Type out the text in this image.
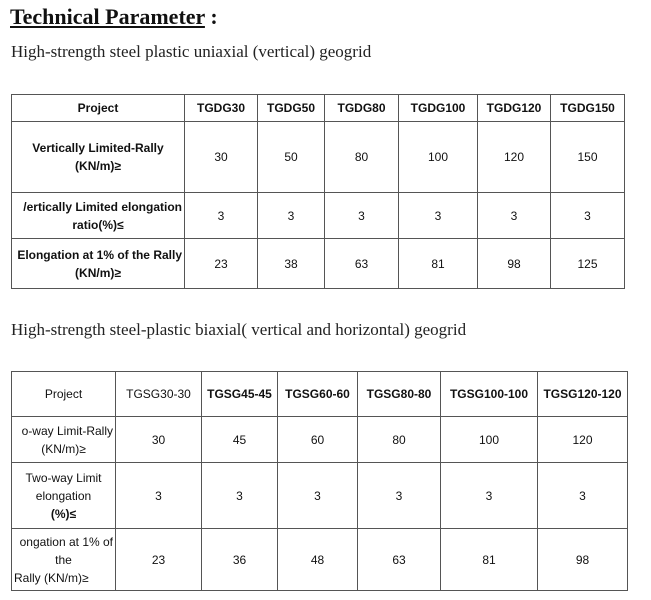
Technical Parameter :
High-strength steel plastic uniaxial (vertical) geogrid
Project	TGDG30	TGDG50	TGDG80	TGDG100	TGDG120	TGDG150

Vertically Limited-Rally
(KN/m)≥	30	50	80	100	120	150

/ertically Limited elongation
ratio(%)≤	3	3	3	3	3	3

Elongation at 1% of the Rally
(KN/m)≥	23	38	63	81	98	125
High-strength steel-plastic biaxial( vertical and horizontal) geogrid
Project	TGSG30-30	TGSG45-45	TGSG60-60	TGSG80-80	TGSG100-100	TGSG120-120

o-way Limit-Rally
(KN/m)≥	30	45	60	80	100	120

Two-way Limit
elongation
(%)≤	3	3	3	3	3	3

ongation at 1% of
the
Rally (KN/m)≥	23	36	48	63	81	98
